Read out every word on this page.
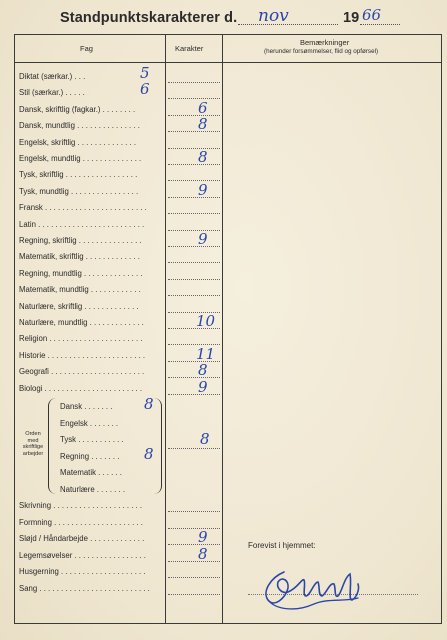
Standpunktskarakterer d. nov	19 66
Fag	Karakter
Bemærkninger
(herunder forsømmelser, flid og opførsel)
Diktat (særkar.) . . .	5
Stil (særkar.) . . . . .	6
Dansk, skriftlig (fagkar.) . . . . . . . .	6
Dansk, mundtlig . . . . . . . . . . . . . . .	8
Engelsk, skriftlig . . . . . . . . . . . . . .
Engelsk, mundtlig . . . . . . . . . . . . . .	8
Tysk, skriftlig . . . . . . . . . . . . . . . . .
Tysk, mundtlig . . . . . . . . . . . . . . . .	9
Fransk . . . . . . . . . . . . . . . . . . . . . . . .
Latin . . . . . . . . . . . . . . . . . . . . . . . . .
Regning, skriftlig . . . . . . . . . . . . . . .	9
Matematik, skriftlig . . . . . . . . . . . . .
Regning, mundtlig . . . . . . . . . . . . . .
Matematik, mundtlig . . . . . . . . . . . .
Naturlære, skriftlig . . . . . . . . . . . . .
Naturlære, mundtlig . . . . . . . . . . . . .	10
Religion . . . . . . . . . . . . . . . . . . . . . .
Historie . . . . . . . . . . . . . . . . . . . . . . .	11
Geografi . . . . . . . . . . . . . . . . . . . . . .	8
Biologi . . . . . . . . . . . . . . . . . . . . . . .	9
Orden
med
skriftlige
arbejder
Dansk . . . . . . . 8
Engelsk . . . . . . .
Tysk . . . . . . . . . . .
Regning . . . . . . . 8
Matematik . . . . . .
Naturlære . . . . . . .
8
Skrivning . . . . . . . . . . . . . . . . . . . . .
Formning . . . . . . . . . . . . . . . . . . . . .
Sløjd / Håndarbejde . . . . . . . . . . . . .	9
Legemsøvelser . . . . . . . . . . . . . . . . .	8
Husgerning . . . . . . . . . . . . . . . . . . . .
Sang . . . . . . . . . . . . . . . . . . . . . . . . . .
Forevist i hjemmet:
